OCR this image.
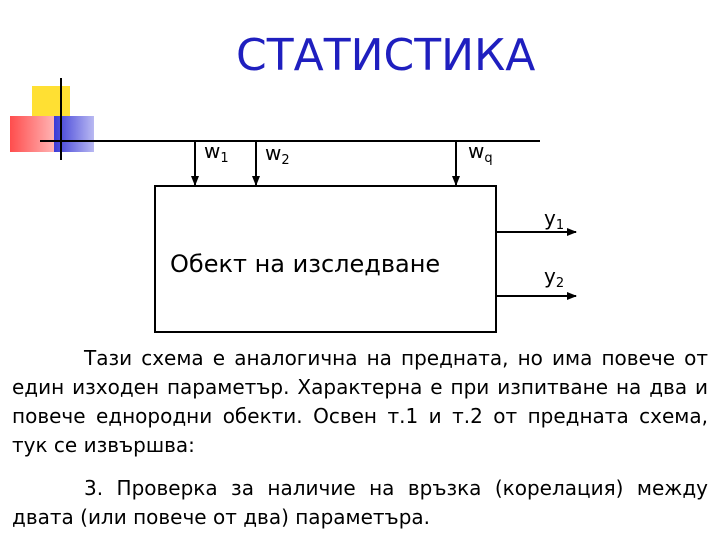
СТАТИСТИКА
$w_1$ $w_2$	$w_q$
$y_1$
$y_2$
Обект на изследване

Тази схема е аналогична на предната, но има повече от един изходен параметър. Характерна е при изпитване на два и повече еднородни обекти. Освен т.1 и т.2 от предната схема, тук се извършва:

3. Проверка за наличие на връзка (корелация) между двата (или повече от два) параметъра.
